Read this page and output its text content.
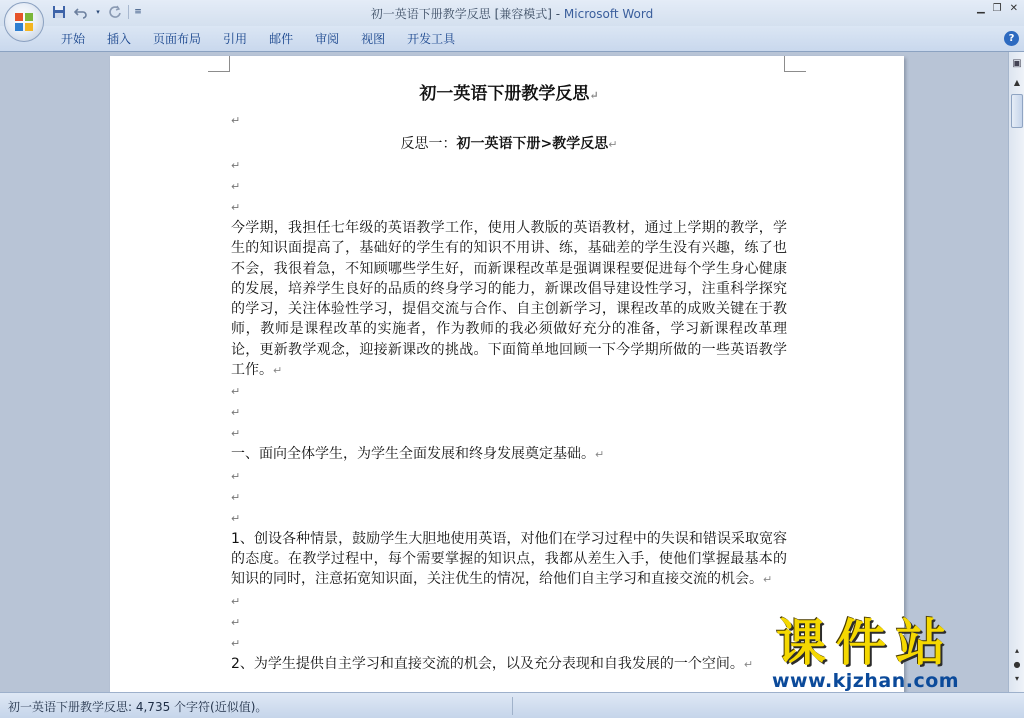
▾	≡	初一英语下册教学反思 [兼容模式] - Microsoft Word	▁ ❐ ✕
开始	插入	页面布局	引用	邮件	审阅	视图	开发工具	?
初一英语下册教学反思↵
↵
反思一：初一英语下册>教学反思↵
↵
↵
↵
今学期，我担任七年级的英语教学工作，使用人教版的英语教材，通过上学期的教学，学生的知识面提高了，基础好的学生有的知识不用讲、练，基础差的学生没有兴趣，练了也不会，我很着急，不知顾哪些学生好，而新课程改革是强调课程要促进每个学生身心健康的发展，培养学生良好的品质的终身学习的能力，新课改倡导建设性学习，注重科学探究的学习，关注体验性学习，提倡交流与合作、自主创新学习，课程改革的成败关键在于教师，教师是课程改革的实施者，作为教师的我必须做好充分的准备，学习新课程改革理论，更新教学观念，迎接新课改的挑战。下面简单地回顾一下今学期所做的一些英语教学工作。↵
↵
↵
↵
一、面向全体学生，为学生全面发展和终身发展奠定基础。↵
↵
↵
↵
1、创设各种情景，鼓励学生大胆地使用英语，对他们在学习过程中的失误和错误采取宽容的态度。在教学过程中，每个需要掌握的知识点，我都从差生入手，使他们掌握最基本的知识的同时，注意拓宽知识面，关注优生的情况，给他们自主学习和直接交流的机会。↵
↵
↵
↵
2、为学生提供自主学习和直接交流的机会，以及充分表现和自我发展的一个空间。↵
▣
▲
▴
●
▾
初一英语下册教学反思: 4,735 个字符(近似值)。
课件站
www.kjzhan.com
